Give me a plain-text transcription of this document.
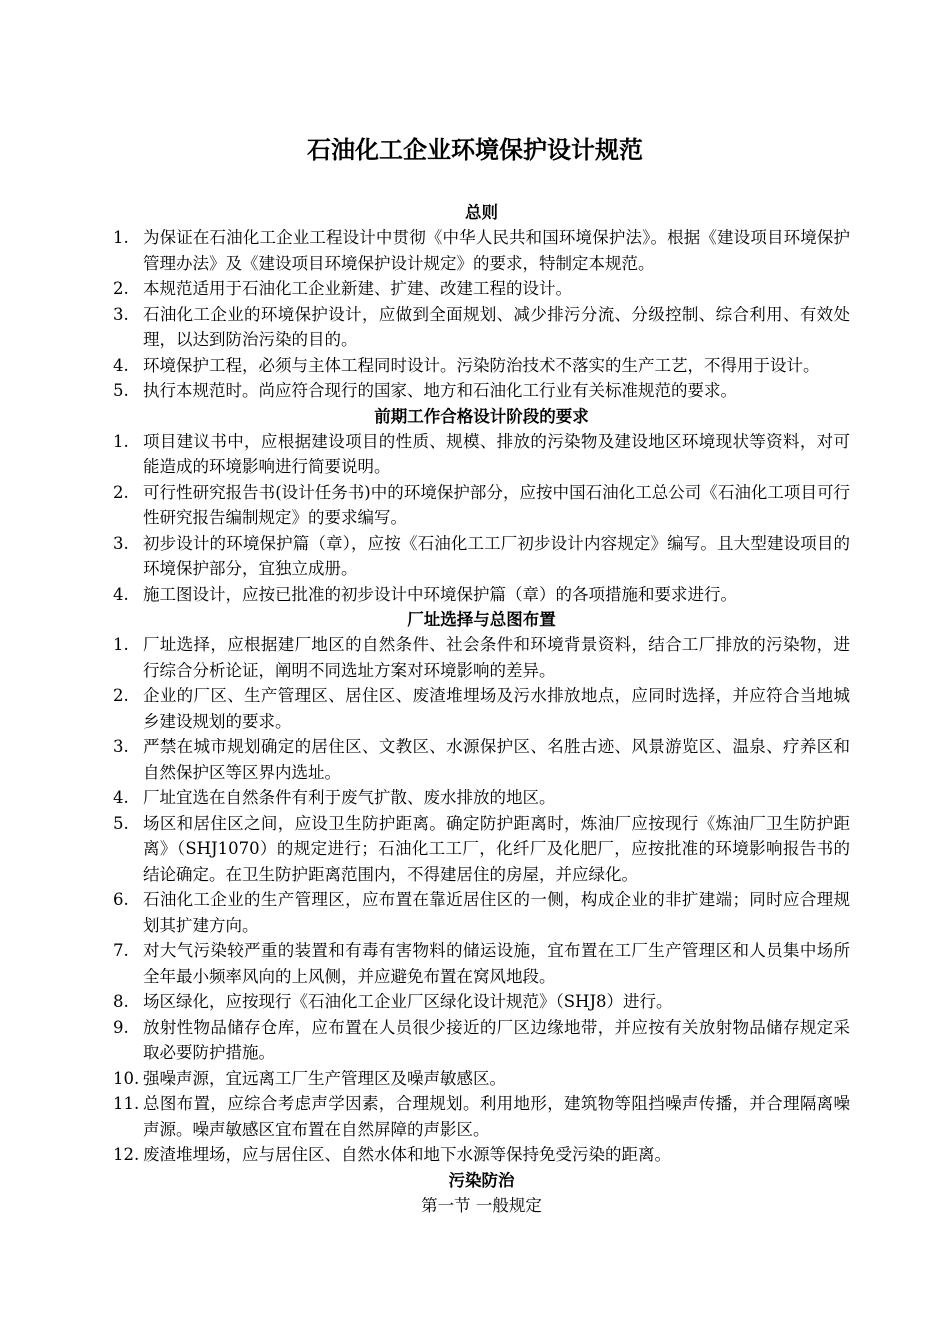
石油化工企业环境保护设计规范
总则
1. 为保证在石油化工企业工程设计中贯彻《中华人民共和国环境保护法》。根据《建设项目环境保护管理办法》及《建设项目环境保护设计规定》的要求，特制定本规范。
2. 本规范适用于石油化工企业新建、扩建、改建工程的设计。
3. 石油化工企业的环境保护设计，应做到全面规划、减少排污分流、分级控制、综合利用、有效处理，以达到防治污染的目的。
4. 环境保护工程，必须与主体工程同时设计。污染防治技术不落实的生产工艺，不得用于设计。
5. 执行本规范时。尚应符合现行的国家、地方和石油化工行业有关标准规范的要求。
前期工作合格设计阶段的要求
1. 项目建议书中，应根据建设项目的性质、规模、排放的污染物及建设地区环境现状等资料，对可能造成的环境影响进行简要说明。
2. 可行性研究报告书(设计任务书)中的环境保护部分，应按中国石油化工总公司《石油化工项目可行性研究报告编制规定》的要求编写。
3. 初步设计的环境保护篇（章），应按《石油化工工厂初步设计内容规定》编写。且大型建设项目的环境保护部分，宜独立成册。
4. 施工图设计，应按已批准的初步设计中环境保护篇（章）的各项措施和要求进行。
厂址选择与总图布置
1. 厂址选择，应根据建厂地区的自然条件、社会条件和环境背景资料，结合工厂排放的污染物，进行综合分析论证，阐明不同选址方案对环境影响的差异。
2. 企业的厂区、生产管理区、居住区、废渣堆埋场及污水排放地点，应同时选择，并应符合当地城乡建设规划的要求。
3. 严禁在城市规划确定的居住区、文教区、水源保护区、名胜古迹、风景游览区、温泉、疗养区和自然保护区等区界内选址。
4. 厂址宜选在自然条件有利于废气扩散、废水排放的地区。
5. 场区和居住区之间，应设卫生防护距离。确定防护距离时，炼油厂应按现行《炼油厂卫生防护距离》（SHJ1070）的规定进行；石油化工工厂，化纤厂及化肥厂，应按批准的环境影响报告书的结论确定。在卫生防护距离范围内，不得建居住的房屋，并应绿化。
6. 石油化工企业的生产管理区，应布置在靠近居住区的一侧，构成企业的非扩建端；同时应合理规划其扩建方向。
7. 对大气污染较严重的装置和有毒有害物料的储运设施，宜布置在工厂生产管理区和人员集中场所全年最小频率风向的上风侧，并应避免布置在窝风地段。
8. 场区绿化，应按现行《石油化工企业厂区绿化设计规范》（SHJ8）进行。
9. 放射性物品储存仓库，应布置在人员很少接近的厂区边缘地带，并应按有关放射物品储存规定采取必要防护措施。
10. 强噪声源，宜远离工厂生产管理区及噪声敏感区。
11. 总图布置，应综合考虑声学因素，合理规划。利用地形，建筑物等阻挡噪声传播，并合理隔离噪声源。噪声敏感区宜布置在自然屏障的声影区。
12. 废渣堆埋场，应与居住区、自然水体和地下水源等保持免受污染的距离。
污染防治
第一节 一般规定
